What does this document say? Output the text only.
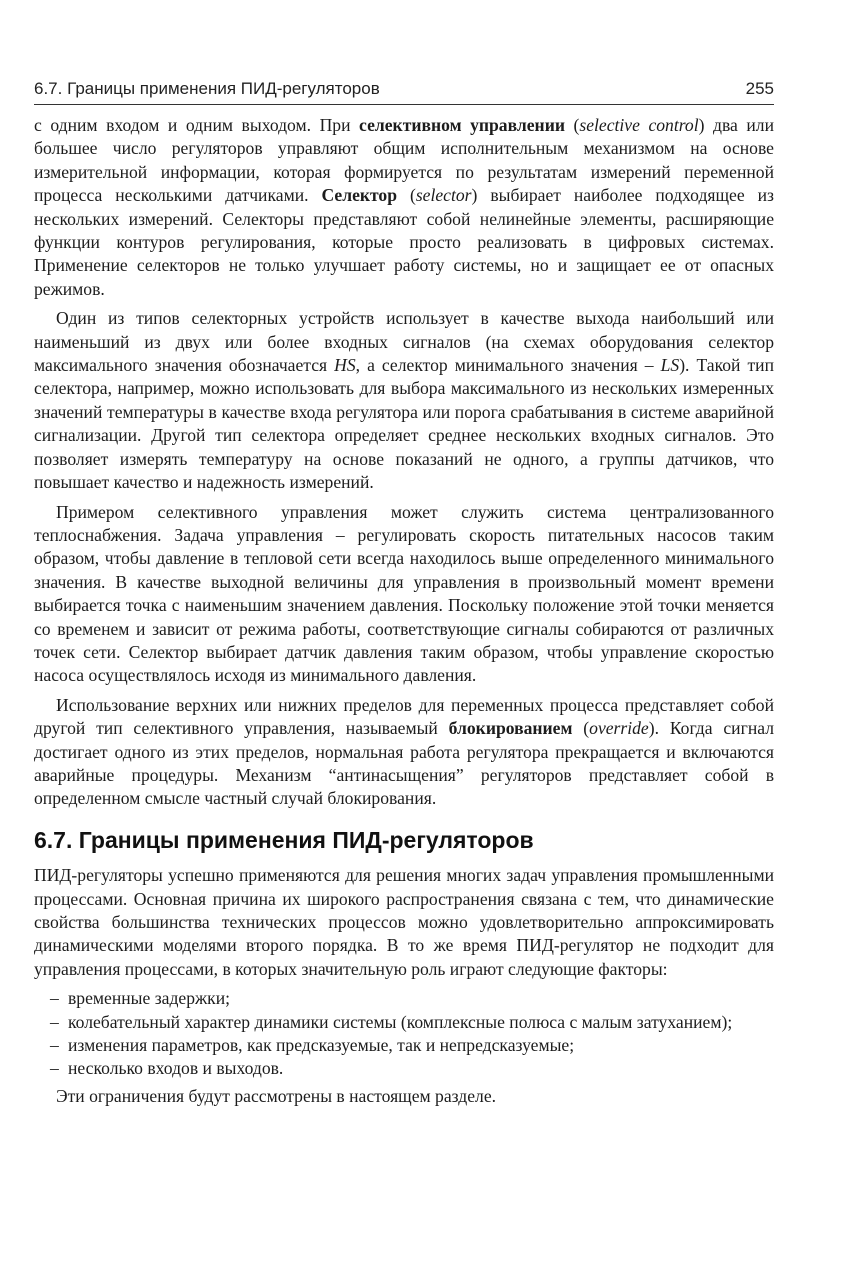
6.7. Границы применения ПИД-регуляторов	255

с одним входом и одним выходом. При селективном управлении (selective control) два или большее число регуляторов управляют общим исполнительным механизмом на основе измерительной информации, которая формируется по результатам измерений переменной процесса несколькими датчиками. Селектор (selector) выбирает наиболее подходящее из нескольких измерений. Селекторы представляют собой нелинейные элементы, расширяющие функции контуров регулирования, которые просто реализовать в цифровых системах. Применение селекторов не только улучшает работу системы, но и защищает ее от опасных режимов.

Один из типов селекторных устройств использует в качестве выхода наибольший или наименьший из двух или более входных сигналов (на схемах оборудования селектор максимального значения обозначается HS, а селектор минимального значения – LS). Такой тип селектора, например, можно использовать для выбора максимального из нескольких измеренных значений температуры в качестве входа регулятора или порога срабатывания в системе аварийной сигнализации. Другой тип селектора определяет среднее нескольких входных сигналов. Это позволяет измерять температуру на основе показаний не одного, а группы датчиков, что повышает качество и надежность измерений.

Примером селективного управления может служить система централизованного теплоснабжения. Задача управления – регулировать скорость питательных насосов таким образом, чтобы давление в тепловой сети всегда находилось выше определенного минимального значения. В качестве выходной величины для управления в произвольный момент времени выбирается точка с наименьшим значением давления. Поскольку положение этой точки меняется со временем и зависит от режима работы, соответствующие сигналы собираются от различных точек сети. Селектор выбирает датчик давления таким образом, чтобы управление скоростью насоса осуществлялось исходя из минимального давления.

Использование верхних или нижних пределов для переменных процесса представляет собой другой тип селективного управления, называемый блокированием (override). Когда сигнал достигает одного из этих пределов, нормальная работа регулятора прекращается и включаются аварийные процедуры. Механизм “антинасыщения” регуляторов представляет собой в определенном смысле частный случай блокирования.

6.7. Границы применения ПИД-регуляторов

ПИД-регуляторы успешно применяются для решения многих задач управления промышленными процессами. Основная причина их широкого распространения связана с тем, что динамические свойства большинства технических процессов можно удовлетворительно аппроксимировать динамическими моделями второго порядка. В то же время ПИД-регулятор не подходит для управления процессами, в которых значительную роль играют следующие факторы:

– временные задержки;
– колебательный характер динамики системы (комплексные полюса с малым затуханием);
– изменения параметров, как предсказуемые, так и непредсказуемые;
– несколько входов и выходов.

Эти ограничения будут рассмотрены в настоящем разделе.
